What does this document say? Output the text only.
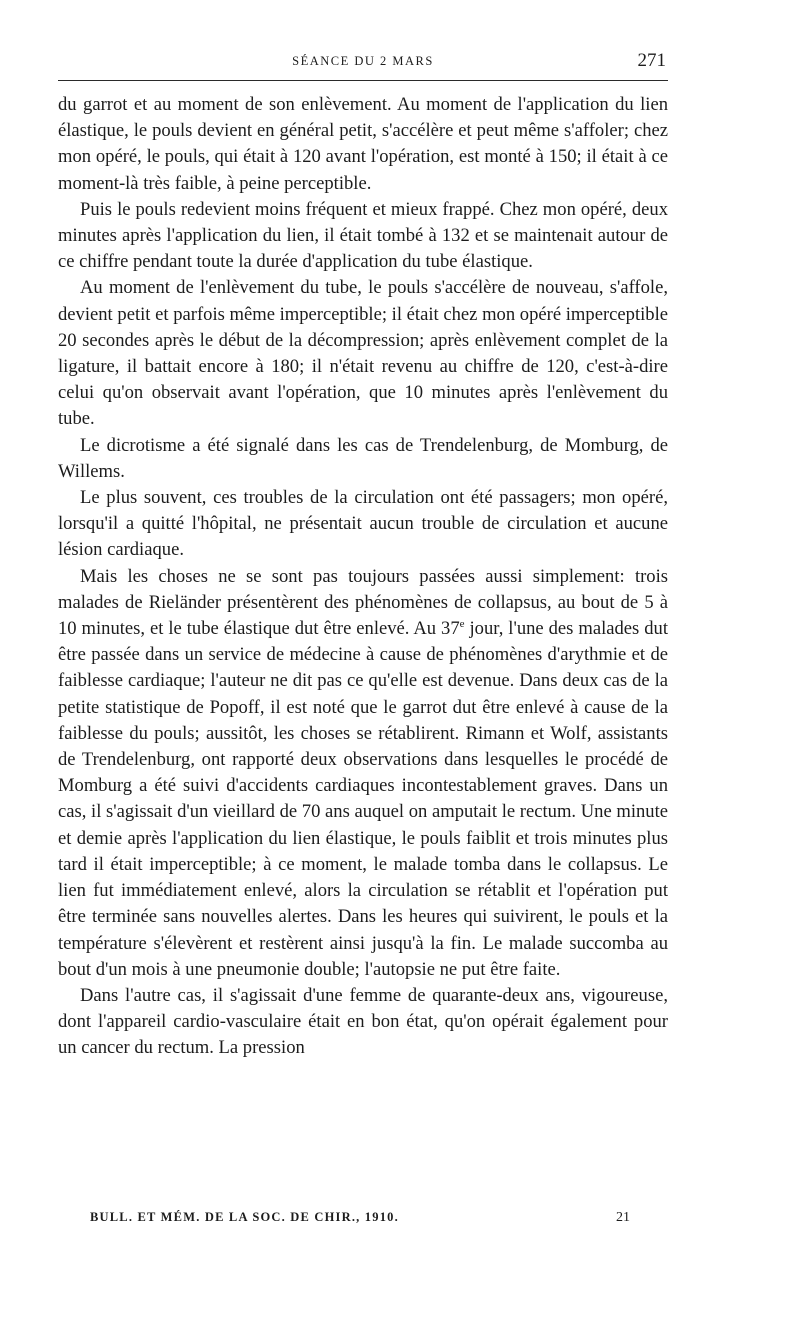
SÉANCE DU 2 MARS	271

du garrot et au moment de son enlèvement. Au moment de l'application du lien élastique, le pouls devient en général petit, s'accélère et peut même s'affoler; chez mon opéré, le pouls, qui était à 120 avant l'opération, est monté à 150; il était à ce moment-là très faible, à peine perceptible.

Puis le pouls redevient moins fréquent et mieux frappé. Chez mon opéré, deux minutes après l'application du lien, il était tombé à 132 et se maintenait autour de ce chiffre pendant toute la durée d'application du tube élastique.

Au moment de l'enlèvement du tube, le pouls s'accélère de nouveau, s'affole, devient petit et parfois même imperceptible; il était chez mon opéré imperceptible 20 secondes après le début de la décompression; après enlèvement complet de la ligature, il battait encore à 180; il n'était revenu au chiffre de 120, c'est-à-dire celui qu'on observait avant l'opération, que 10 minutes après l'enlèvement du tube.

Le dicrotisme a été signalé dans les cas de Trendelenburg, de Momburg, de Willems.

Le plus souvent, ces troubles de la circulation ont été passagers; mon opéré, lorsqu'il a quitté l'hôpital, ne présentait aucun trouble de circulation et aucune lésion cardiaque.

Mais les choses ne se sont pas toujours passées aussi simplement: trois malades de Rieländer présentèrent des phénomènes de collapsus, au bout de 5 à 10 minutes, et le tube élastique dut être enlevé. Au 37e jour, l'une des malades dut être passée dans un service de médecine à cause de phénomènes d'arythmie et de faiblesse cardiaque; l'auteur ne dit pas ce qu'elle est devenue. Dans deux cas de la petite statistique de Popoff, il est noté que le garrot dut être enlevé à cause de la faiblesse du pouls; aussitôt, les choses se rétablirent. Rimann et Wolf, assistants de Trendelenburg, ont rapporté deux observations dans lesquelles le procédé de Momburg a été suivi d'accidents cardiaques incontestablement graves. Dans un cas, il s'agissait d'un vieillard de 70 ans auquel on amputait le rectum. Une minute et demie après l'application du lien élastique, le pouls faiblit et trois minutes plus tard il était imperceptible; à ce moment, le malade tomba dans le collapsus. Le lien fut immédiatement enlevé, alors la circulation se rétablit et l'opération put être terminée sans nouvelles alertes. Dans les heures qui suivirent, le pouls et la température s'élevèrent et restèrent ainsi jusqu'à la fin. Le malade succomba au bout d'un mois à une pneumonie double; l'autopsie ne put être faite.

Dans l'autre cas, il s'agissait d'une femme de quarante-deux ans, vigoureuse, dont l'appareil cardio-vasculaire était en bon état, qu'on opérait également pour un cancer du rectum. La pression

BULL. ET MÉM. DE LA SOC. DE CHIR., 1910.	21
